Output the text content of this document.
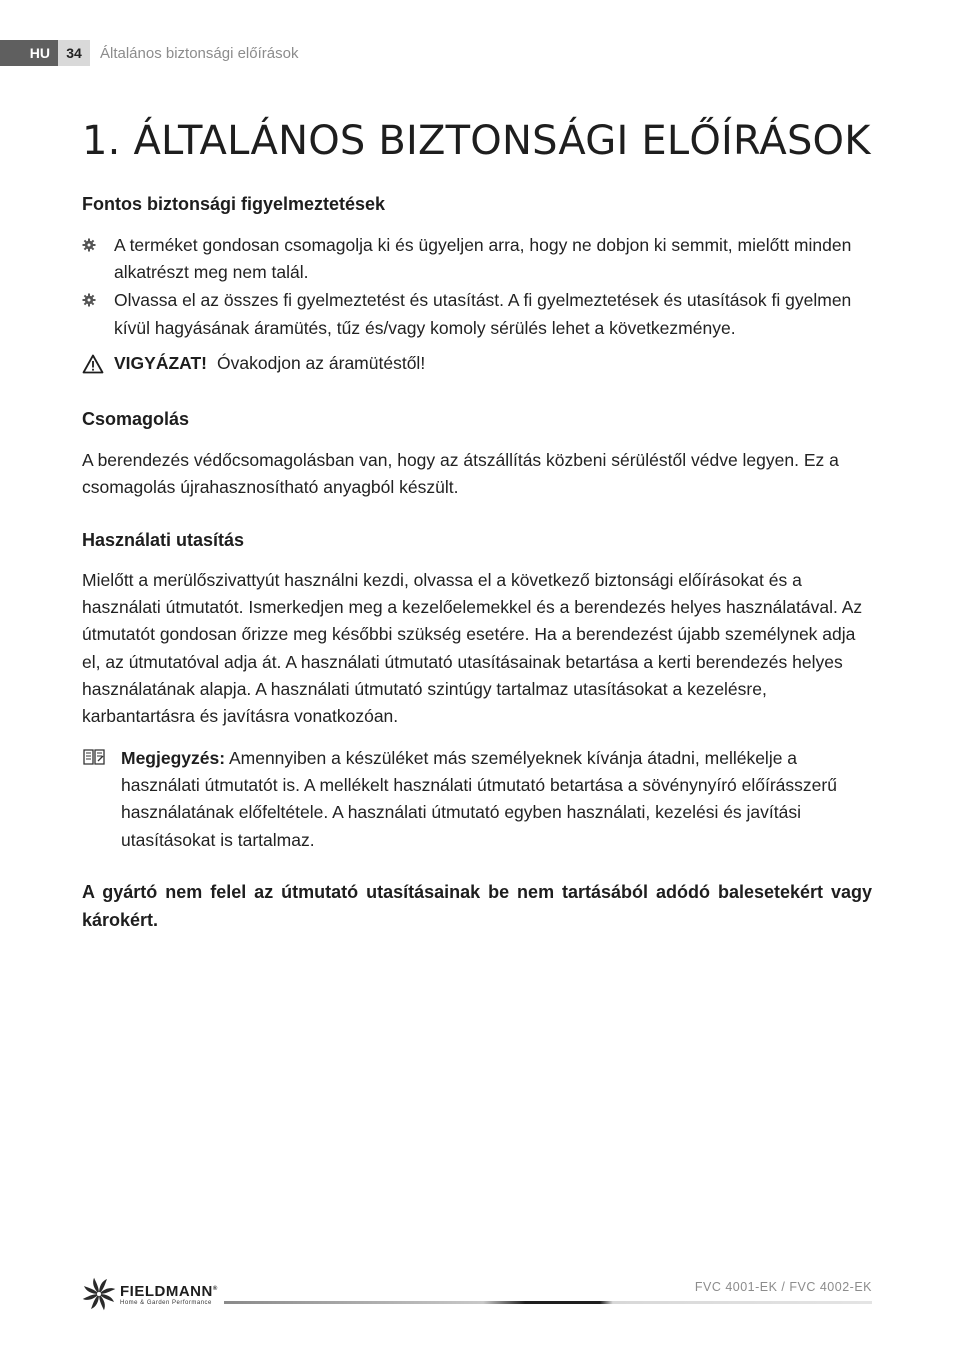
HU	34	Általános biztonsági előírások
1. ÁLTALÁNOS BIZTONSÁGI ELŐÍRÁSOK
Fontos biztonsági figyelmeztetések
A terméket gondosan csomagolja ki és ügyeljen arra, hogy ne dobjon ki semmit, mielőtt minden alkatrészt meg nem talál.
Olvassa el az összes fi gyelmeztetést és utasítást. A fi gyelmeztetések és utasítások fi gyelmen kívül hagyásának áramütés, tűz és/vagy komoly sérülés lehet a következménye.
VIGYÁZAT! Óvakodjon az áramütéstől!
Csomagolás

A berendezés védőcsomagolásban van, hogy az átszállítás közbeni sérüléstől védve legyen. Ez a csomagolás újrahasznosítható anyagból készült.

Használati utasítás

Mielőtt a merülőszivattyút használni kezdi, olvassa el a következő biztonsági előírásokat és a használati útmutatót. Ismerkedjen meg a kezelőelemekkel és a berendezés helyes használatával. Az útmutatót gondosan őrizze meg későbbi szükség esetére. Ha a berendezést újabb személynek adja el, az útmutatóval adja át. A használati útmutató utasításainak betartása a kerti berendezés helyes használatának alapja. A használati útmutató szintúgy tartalmaz utasításokat a kezelésre, karbantartásra és javításra vonatkozóan.

Megjegyzés: Amennyiben a készüléket más személyeknek kívánja átadni, mellékelje a használati útmutatót is. A mellékelt használati útmutató betartása a sövénynyíró előírásszerű használatának előfeltétele. A használati útmutató egyben használati, kezelési és javítási utasításokat is tartalmaz.

A gyártó nem felel az útmutató utasításainak be nem tartásából adódó balesetekért vagy károkért.

FIELDMANN®
Home & Garden Performance
FVC 4001-EK / FVC 4002-EK
